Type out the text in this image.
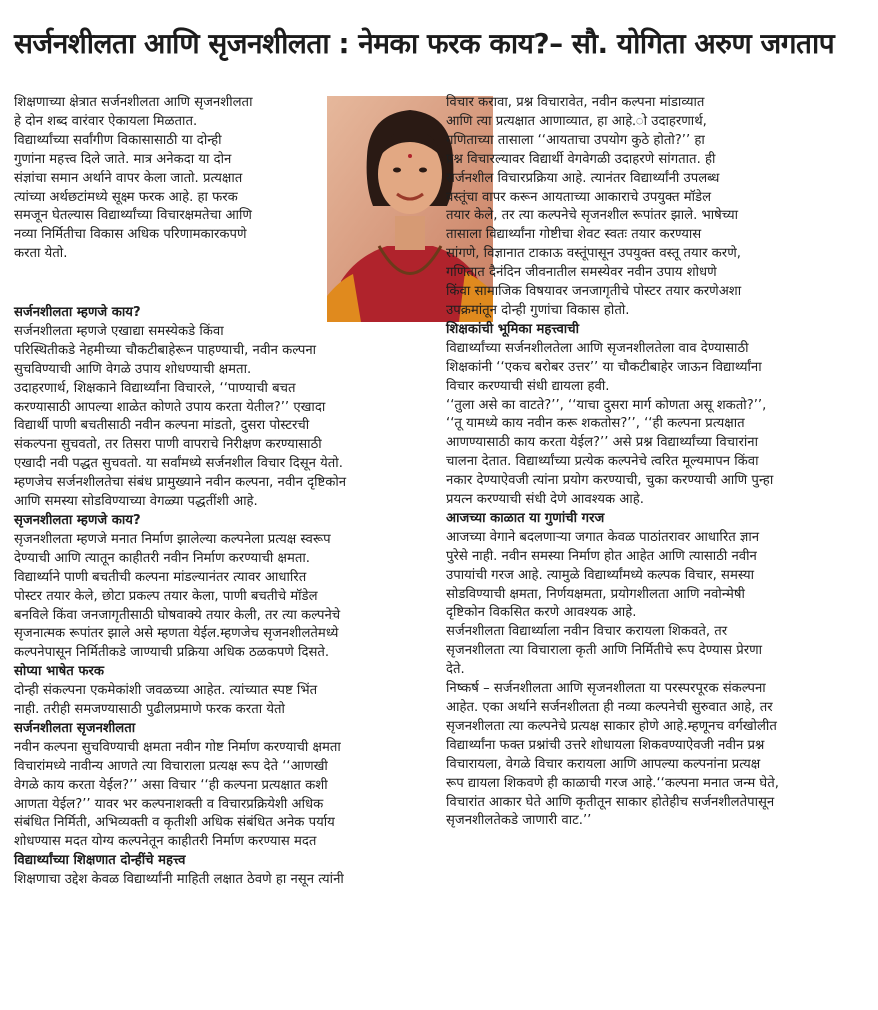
सर्जनशीलता आणि सृजनशीलता : नेमका फरक काय?– सौ. योगिता अरुण जगताप

शिक्षणाच्या क्षेत्रात सर्जनशीलता आणि सृजनशीलता

हे दोन शब्द वारंवार ऐकायला मिळतात.

विद्यार्थ्यांच्या सर्वांगीण विकासासाठी या दोन्ही

गुणांना महत्त्व दिले जाते. मात्र अनेकदा या दोन

संज्ञांचा समान अर्थाने वापर केला जातो. प्रत्यक्षात

त्यांच्या अर्थछटांमध्ये सूक्ष्म फरक आहे. हा फरक

समजून घेतल्यास विद्यार्थ्यांच्या विचारक्षमतेचा आणि

नव्या निर्मितीचा विकास अधिक परिणामकारकपणे

करता येतो.

सर्जनशीलता म्हणजे काय?

सर्जनशीलता म्हणजे एखाद्या समस्येकडे किंवा

परिस्थितीकडे नेहमीच्या चौकटीबाहेरून पाहण्याची, नवीन कल्पना

सुचविण्याची आणि वेगळे उपाय शोधण्याची क्षमता.

उदाहरणार्थ, शिक्षकाने विद्यार्थ्यांना विचारले, ‘‘पाण्याची बचत

करण्यासाठी आपल्या शाळेत कोणते उपाय करता येतील?’’ एखादा

विद्यार्थी पाणी बचतीसाठी नवीन कल्पना मांडतो, दुसरा पोस्टरची

संकल्पना सुचवतो, तर तिसरा पाणी वापराचे निरीक्षण करण्यासाठी

एखादी नवी पद्धत सुचवतो. या सर्वांमध्ये सर्जनशील विचार दिसून येतो.

म्हणजेच सर्जनशीलतेचा संबंध प्रामुख्याने नवीन कल्पना, नवीन दृष्टिकोन

आणि समस्या सोडविण्याच्या वेगळ्या पद्धतींशी आहे.

सृजनशीलता म्हणजे काय?

सृजनशीलता म्हणजे मनात निर्माण झालेल्या कल्पनेला प्रत्यक्ष स्वरूप

देण्याची आणि त्यातून काहीतरी नवीन निर्माण करण्याची क्षमता.

विद्यार्थ्याने पाणी बचतीची कल्पना मांडल्यानंतर त्यावर आधारित

पोस्टर तयार केले, छोटा प्रकल्प तयार केला, पाणी बचतीचे मॉडेल

बनविले किंवा जनजागृतीसाठी घोषवाक्ये तयार केली, तर त्या कल्पनेचे

सृजनात्मक रूपांतर झाले असे म्हणता येईल.म्हणजेच सृजनशीलतेमध्ये

कल्पनेपासून निर्मितीकडे जाण्याची प्रक्रिया अधिक ठळकपणे दिसते.

सोप्या भाषेत फरक

दोन्ही संकल्पना एकमेकांशी जवळच्या आहेत. त्यांच्यात स्पष्ट भिंत

नाही. तरीही समजण्यासाठी पुढीलप्रमाणे फरक करता येतो

सर्जनशीलता सृजनशीलता

नवीन कल्पना सुचविण्याची क्षमता नवीन गोष्ट निर्माण करण्याची क्षमता

विचारांमध्ये नावीन्य आणते त्या विचाराला प्रत्यक्ष रूप देते ‘‘आणखी

वेगळे काय करता येईल?’’ असा विचार ‘‘ही कल्पना प्रत्यक्षात कशी

आणता येईल?’’ यावर भर कल्पनाशक्ती व विचारप्रक्रियेशी अधिक

संबंधित निर्मिती, अभिव्यक्ती व कृतीशी अधिक संबंधित अनेक पर्याय

शोधण्यास मदत योग्य कल्पनेतून काहीतरी निर्माण करण्यास मदत

विद्यार्थ्यांच्या शिक्षणात दोन्हींचे महत्त्व

शिक्षणाचा उद्देश केवळ विद्यार्थ्यांनी माहिती लक्षात ठेवणे हा नसून त्यांनी

विचार करावा, प्रश्न विचारावेत, नवीन कल्पना मांडाव्यात

आणि त्या प्रत्यक्षात आणाव्यात, हा आहे.ो उदाहरणार्थ,

गणिताच्या तासाला ‘‘आयताचा उपयोग कुठे होतो?’’ हा

प्रश्न विचारल्यावर विद्यार्थी वेगवेगळी उदाहरणे सांगतात. ही

सर्जनशील विचारप्रक्रिया आहे. त्यानंतर विद्यार्थ्यांनी उपलब्ध

वस्तूंचा वापर करून आयताच्या आकाराचे उपयुक्त मॉडेल

तयार केले, तर त्या कल्पनेचे सृजनशील रूपांतर झाले. भाषेच्या

तासाला विद्यार्थ्यांना गोष्टीचा शेवट स्वतः तयार करण्यास

सांगणे, विज्ञानात टाकाऊ वस्तूंपासून उपयुक्त वस्तू तयार करणे,

गणितात दैनंदिन जीवनातील समस्येवर नवीन उपाय शोधणे

किंवा सामाजिक विषयावर जनजागृतीचे पोस्टर तयार करणेअशा

उपक्रमांतून दोन्ही गुणांचा विकास होतो.

शिक्षकांची भूमिका महत्त्वाची

विद्यार्थ्यांच्या सर्जनशीलतेला आणि सृजनशीलतेला वाव देण्यासाठी

शिक्षकांनी ‘‘एकच बरोबर उत्तर’’ या चौकटीबाहेर जाऊन विद्यार्थ्यांना

विचार करण्याची संधी द्यायला हवी.

‘‘तुला असे का वाटते?’’, ‘‘याचा दुसरा मार्ग कोणता असू शकतो?’’,

‘‘तू यामध्ये काय नवीन करू शकतोस?’’, ‘‘ही कल्पना प्रत्यक्षात

आणण्यासाठी काय करता येईल?’’ असे प्रश्न विद्यार्थ्यांच्या विचारांना

चालना देतात. विद्यार्थ्यांच्या प्रत्येक कल्पनेचे त्वरित मूल्यमापन किंवा

नकार देण्याऐवजी त्यांना प्रयोग करण्याची, चुका करण्याची आणि पुन्हा

प्रयत्न करण्याची संधी देणे आवश्यक आहे.

आजच्या काळात या गुणांची गरज

आजच्या वेगाने बदलणाऱ्या जगात केवळ पाठांतरावर आधारित ज्ञान

पुरेसे नाही. नवीन समस्या निर्माण होत आहेत आणि त्यासाठी नवीन

उपायांची गरज आहे. त्यामुळे विद्यार्थ्यांमध्ये कल्पक विचार, समस्या

सोडविण्याची क्षमता, निर्णयक्षमता, प्रयोगशीलता आणि नवोन्मेषी

दृष्टिकोन विकसित करणे आवश्यक आहे.

सर्जनशीलता विद्यार्थ्याला नवीन विचार करायला शिकवते, तर

सृजनशीलता त्या विचाराला कृती आणि निर्मितीचे रूप देण्यास प्रेरणा

देते.

निष्कर्ष – सर्जनशीलता आणि सृजनशीलता या परस्परपूरक संकल्पना

आहेत. एका अर्थाने सर्जनशीलता ही नव्या कल्पनेची सुरुवात आहे, तर

सृजनशीलता त्या कल्पनेचे प्रत्यक्ष साकार होणे आहे.म्हणूनच वर्गखोलीत

विद्यार्थ्यांना फक्त प्रश्नांची उत्तरे शोधायला शिकवण्याऐवजी नवीन प्रश्न

विचारायला, वेगळे विचार करायला आणि आपल्या कल्पनांना प्रत्यक्ष

रूप द्यायला शिकवणे ही काळाची गरज आहे.‘‘कल्पना मनात जन्म घेते,

विचारांत आकार घेते आणि कृतीतून साकार होतेहीच सर्जनशीलतेपासून

सृजनशीलतेकडे जाणारी वाट.’’
